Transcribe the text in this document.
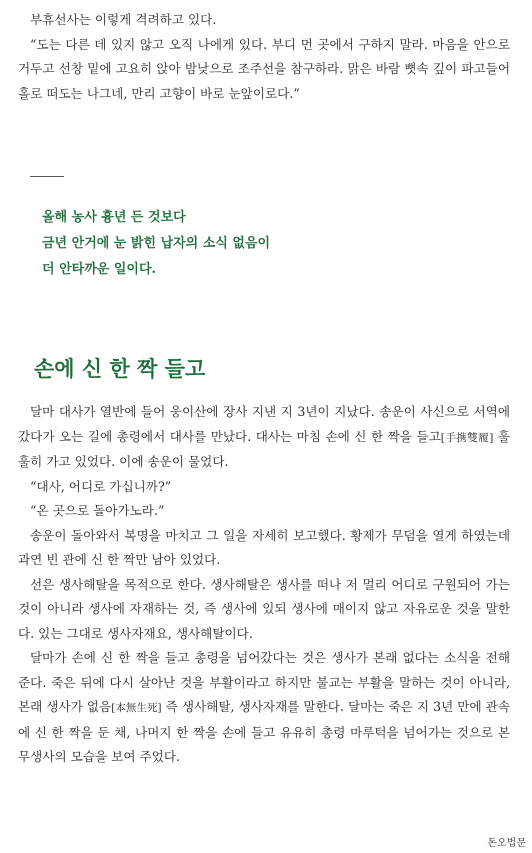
부휴선사는 이렇게 격려하고 있다.
“도는 다른 데 있지 않고 오직 나에게 있다. 부디 먼 곳에서 구하지 말라. 마음을 안으로 거두고 선창 밑에 고요히 앉아 밤낮으로 조주선을 참구하라. 맑은 바람 뼛속 깊이 파고들어 홀로 떠도는 나그네, 만리 고향이 바로 눈앞이로다.”
올해 농사 흉년 든 것보다
금년 안거에 눈 밝힌 납자의 소식 없음이
더 안타까운 일이다.
손에 신 한 짝 들고
달마 대사가 열반에 들어 웅이산에 장사 지낸 지 3년이 지났다. 송운이 사신으로 서역에 갔다가 오는 길에 총령에서 대사를 만났다. 대사는 마침 손에 신 한 짝을 들고[手携雙履] 훌훌히 가고 있었다. 이에 송운이 물었다.
“대사, 어디로 가십니까?”
“온 곳으로 돌아가노라.”
송운이 돌아와서 복명을 마치고 그 일을 자세히 보고했다. 황제가 무덤을 열게 하였는데 과연 빈 관에 신 한 짝만 남아 있었다.
선은 생사해탈을 목적으로 한다. 생사해탈은 생사를 떠나 저 멀리 어디로 구원되어 가는 것이 아니라 생사에 자재하는 것, 즉 생사에 있되 생사에 매이지 않고 자유로운 것을 말한다. 있는 그대로 생사자재요, 생사해탈이다.
달마가 손에 신 한 짝을 들고 총령을 넘어갔다는 것은 생사가 본래 없다는 소식을 전해 준다. 죽은 뒤에 다시 살아난 것을 부활이라고 하지만 불교는 부활을 말하는 것이 아니라, 본래 생사가 없음[本無生死] 즉 생사해탈, 생사자재를 말한다. 달마는 죽은 지 3년 만에 관속에 신 한 짝을 둔 채, 나머지 한 짝을 손에 들고 유유히 총령 마루턱을 넘어가는 것으로 본무생사의 모습을 보여 주었다.
돈오법문
